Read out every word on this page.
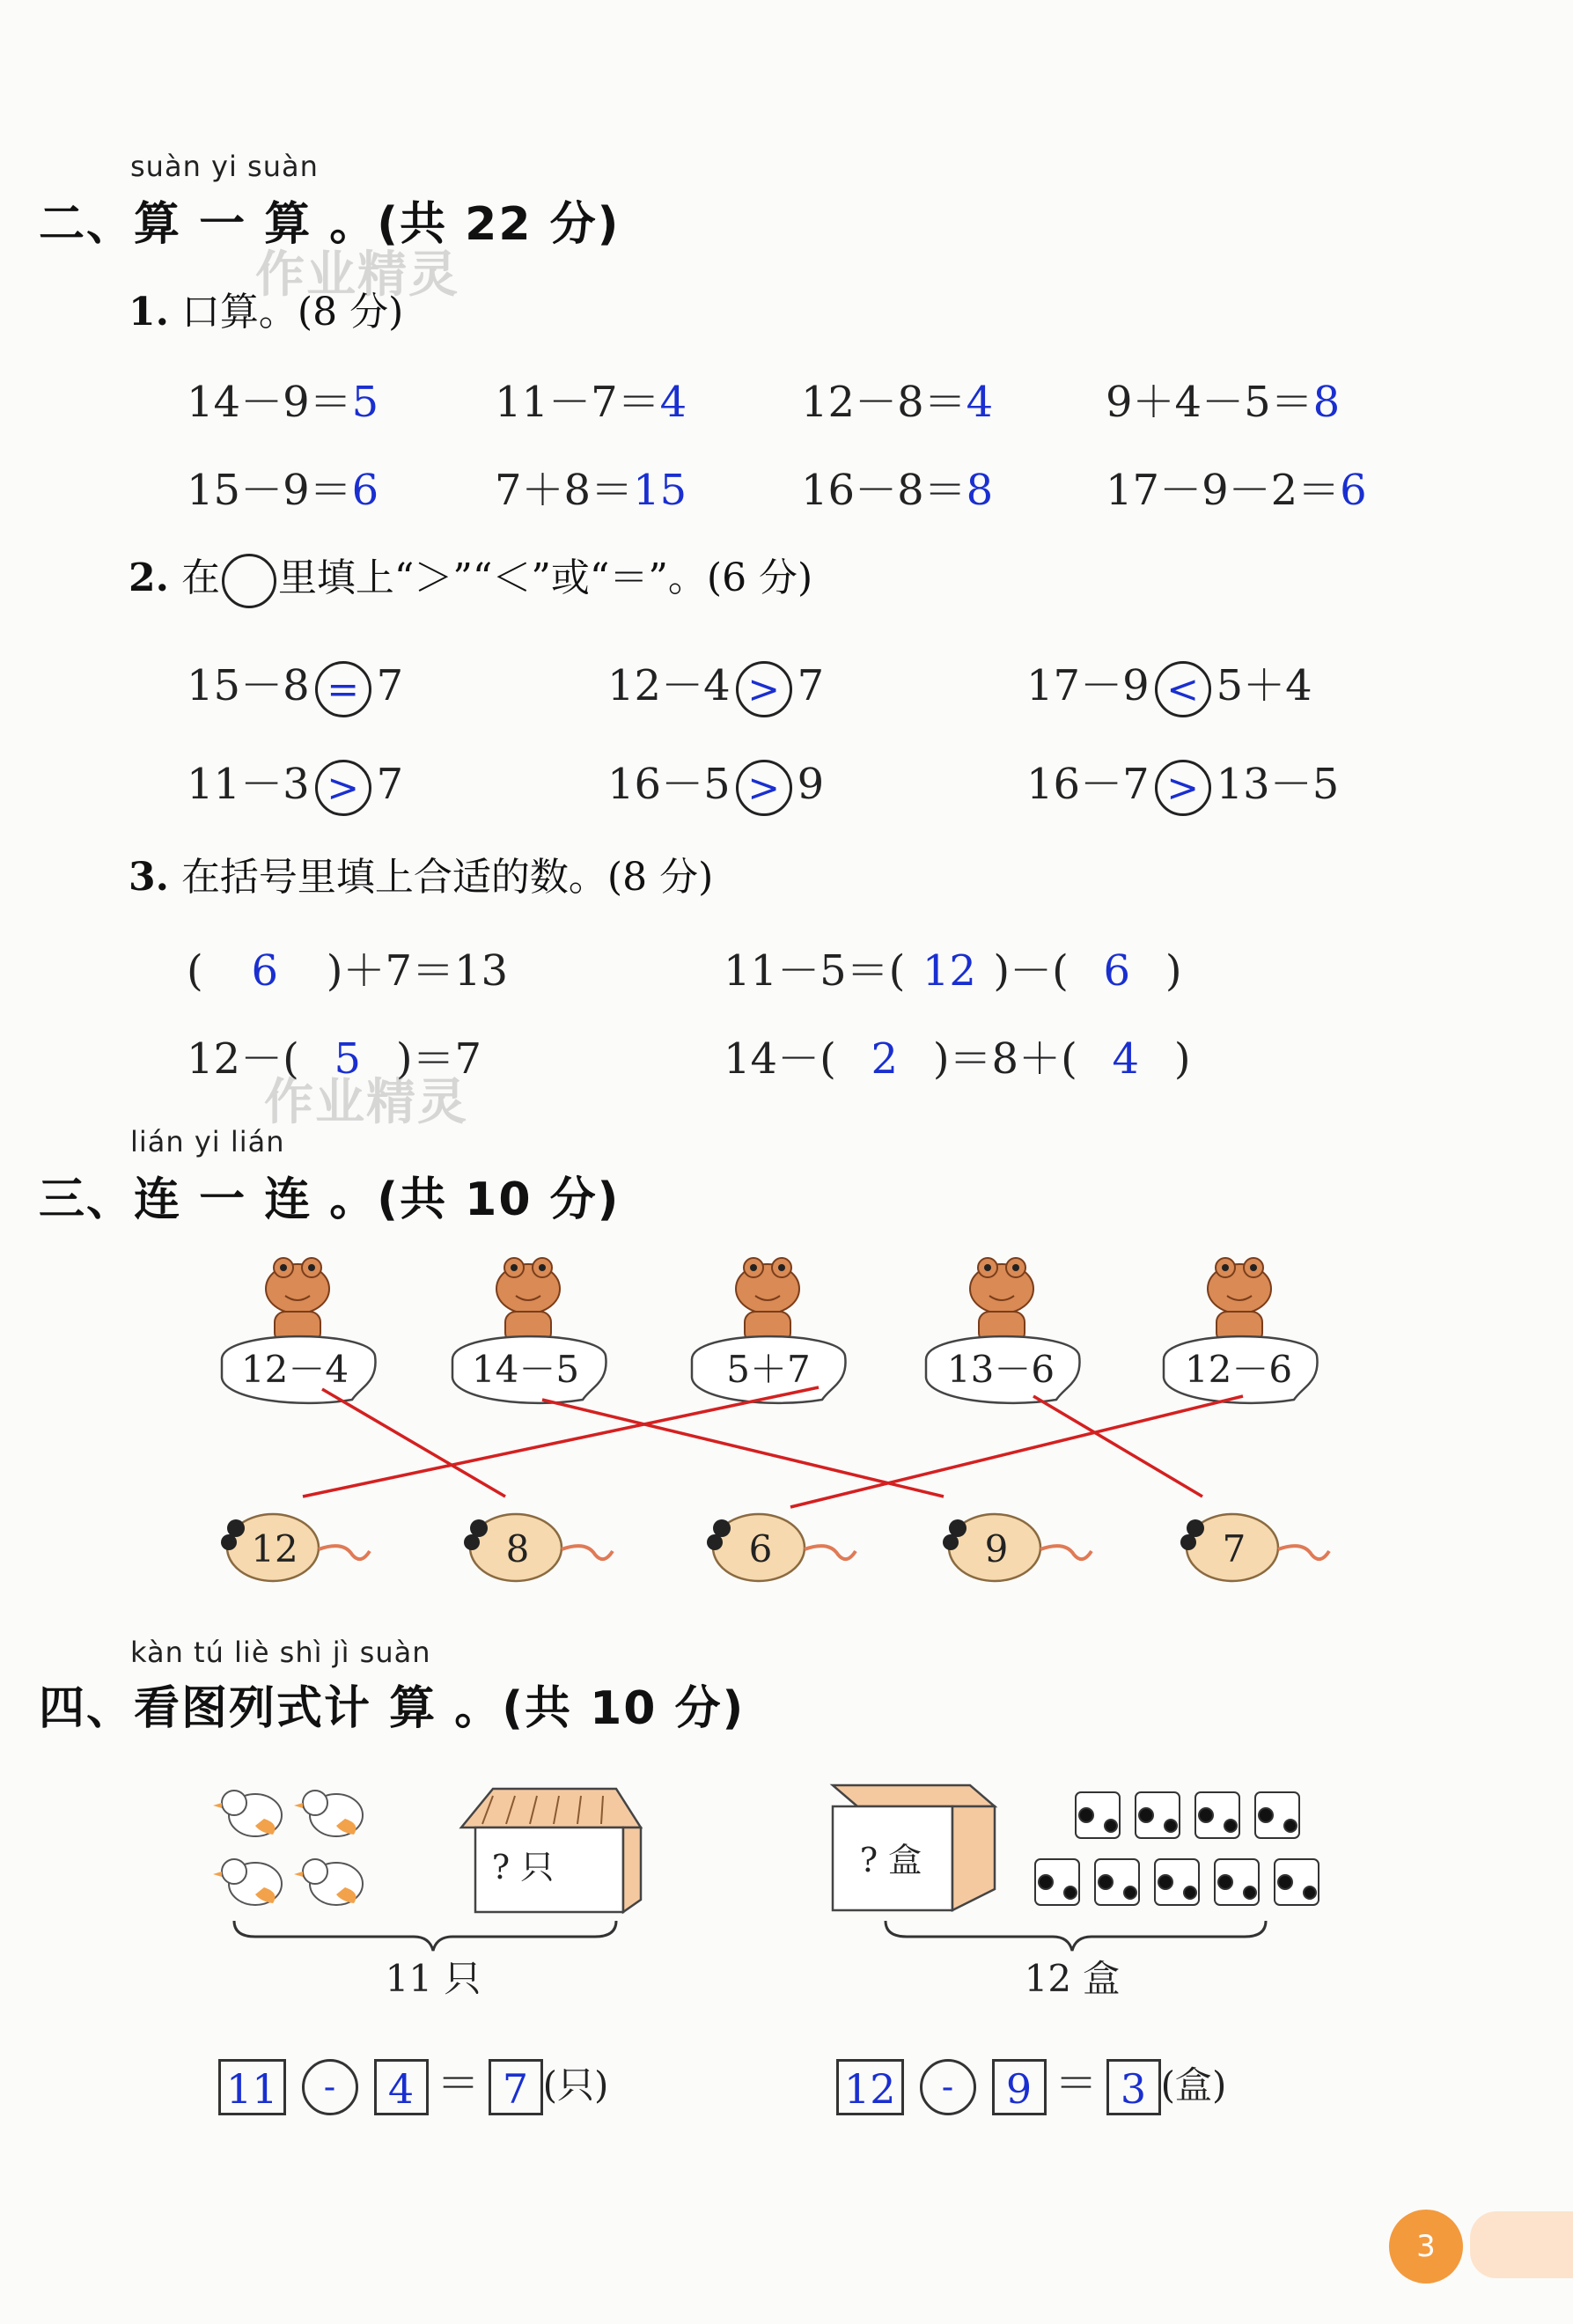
suàn yi suàn
二、算 一 算 。(共 22 分)
作业精灵
1. 口算。(8 分)
14－9＝5	11－7＝4	12－8＝4	9＋4－5＝8
15－9＝6	7＋8＝15	16－8＝8	17－9－2＝6
2. 在 里填上“＞”“＜”或“＝”。(6 分)
15－8 = 7	12－4 > 7	17－9 < 5＋4
11－3 > 7	16－5 > 9	16－7 > 13－5
3. 在括号里填上合适的数。(8 分)
( 6 )＋7＝13	11－5＝( 12 )－( 6 )
12－( 5 )＝7	14－( 2 )＝8＋( 4 )
作业精灵
lián yi lián
三、连 一 连 。(共 10 分)
12－4	14－5	5＋7	13－6	12－6
12	8	6	9	7
kàn tú liè shì jì suàn
四、看图列式计 算 。(共 10 分)
? 只
11 只
? 盒
12 盒
11 - 4 ＝ 7 (只)	12 - 9 ＝ 3 (盒)
3
